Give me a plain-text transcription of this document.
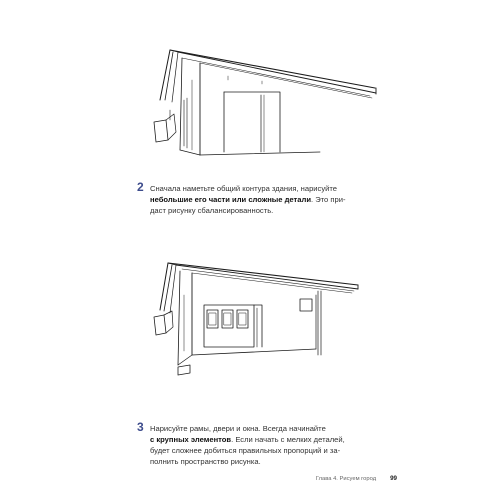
2 Сначала наметьте общий контура здания, нарисуйте
небольшие его части или сложные детали. Это при-
даст рисунку сбалансированность.
3 Нарисуйте рамы, двери и окна. Всегда начинайте
с крупных элементов. Если начать с мелких деталей,
будет сложнее добиться правильных пропорций и за-
полнить пространство рисунка.
Глава 4. Рисуем город 99
